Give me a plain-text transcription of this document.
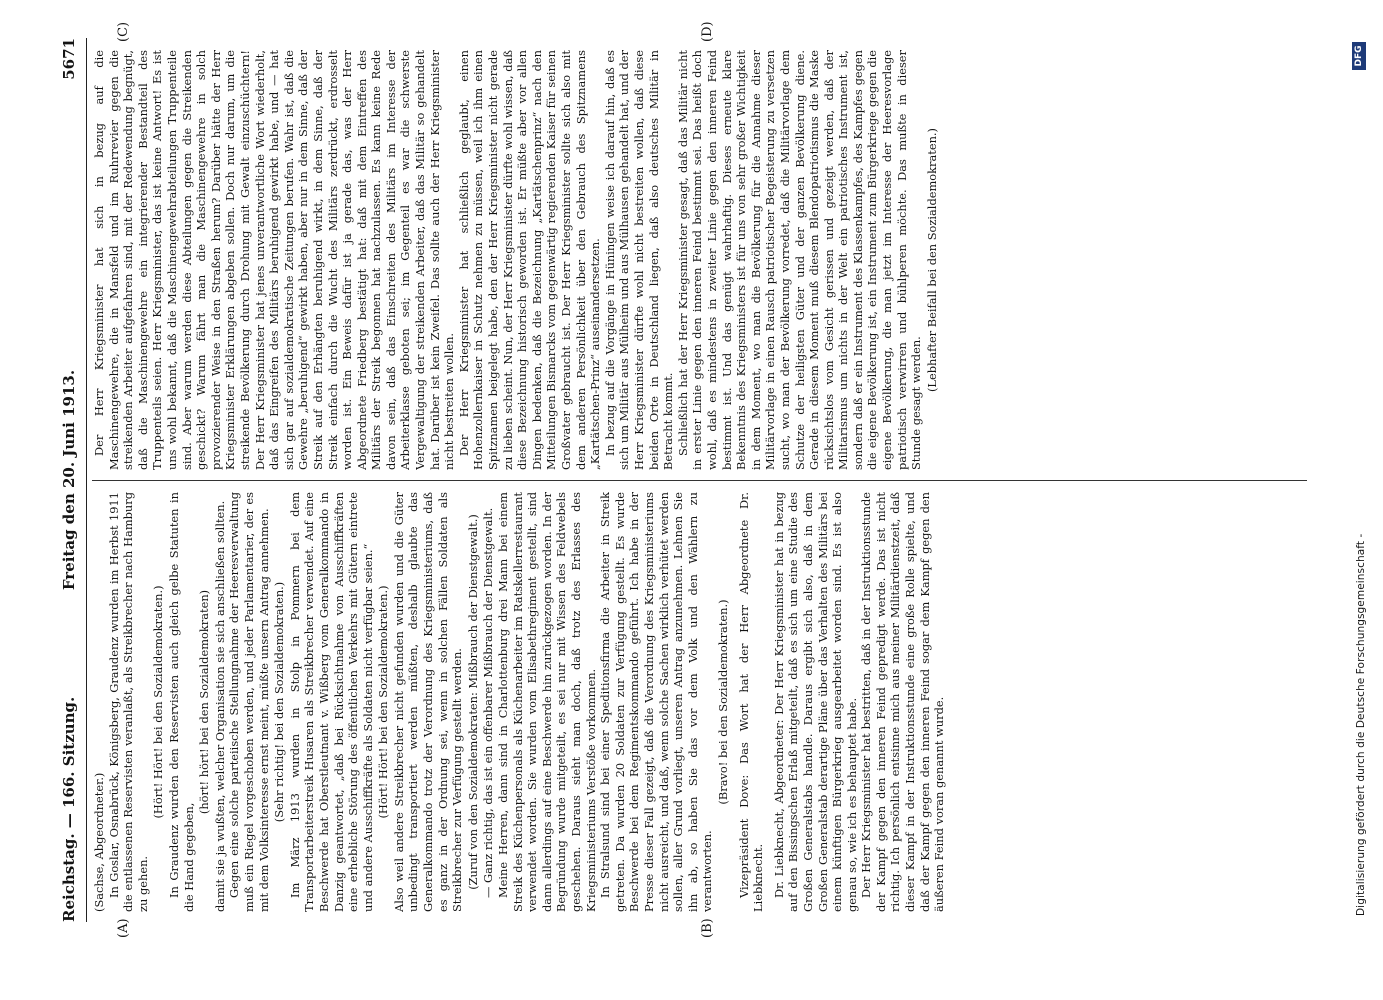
Reichstag. — 166. Sitzung.
Freitag den 20. Juni 1913.
5671
(A)	(B)
(C)	(D)

(Sachse, Abgeordneter.) In Goslar, Osnabrück, Königsberg, Graudenz wurden im Herbst 1911 die entlassenen Reservisten veranlaßt, als Streikbrecher nach Hamburg zu gehen.

(Hört! Hört! bei den Sozialdemokraten.) In Graudenz wurden den Reservisten auch gleich gelbe Statuten in die Hand gegeben,

(hört! hört! bei den Sozialdemokraten) damit sie ja wußten, welcher Organisation sie sich anschließen sollten. Gegen eine solche parteiische Stellungnahme der Heeresverwaltung muß ein Riegel vorgeschoben werden, und jeder Parlamentarier, der es mit dem Volksinteresse ernst meint, müßte unsern Antrag annehmen. (Sehr richtig! bei den Sozialdemokraten.) Im März 1913 wurden in Stolp in Pommern bei dem Transportarbeiterstreik Husaren als Streikbrecher verwendet. Auf eine Beschwerde hat Oberstleutnant v. Wißberg vom Generalkommando in Danzig geantwortet, „daß bei Rücksichtnahme von Ausschiffkräften eine erhebliche Störung des öffentlichen Verkehrs mit Gütern eintrete und andere Ausschiffkräfte als Soldaten nicht verfügbar seien.“ (Hört! Hört! bei den Sozialdemokraten.) Also weil andere Streikbrecher nicht gefunden wurden und die Güter unbedingt transportiert werden müßten, deshalb glaubte das Generalkommando trotz der Verordnung des Kriegsministeriums, daß es ganz in der Ordnung sei, wenn in solchen Fällen Soldaten als Streikbrecher zur Verfügung gestellt werden. (Zuruf von den Sozialdemokraten: Mißbrauch der Dienstgewalt.) — Ganz richtig, das ist ein offenbarer Mißbrauch der Dienstgewalt. Meine Herren, dann sind in Charlottenburg drei Mann bei einem Streik des Küchenpersonals als Küchenarbeiter im Ratskellerrestaurant verwendet worden. Sie wurden vom Elisabethregiment gestellt, sind dann allerdings auf eine Beschwerde hin zurückgezogen worden. In der Begründung wurde mitgeteilt, es sei nur mit Wissen des Feldwebels geschehen. Daraus sieht man doch, daß trotz des Erlasses des Kriegsministeriums Verstöße vorkommen. In Stralsund sind bei einer Speditionsfirma die Arbeiter in Streik getreten. Da wurden 20 Soldaten zur Verfügung gestellt. Es wurde Beschwerde bei dem Regimentskommando geführt. Ich habe in der Presse dieser Fall gezeigt, daß die Verordnung des Kriegsministeriums nicht ausreicht, und daß, wenn solche Sachen wirklich verhütet werden sollen, aller Grund vorliegt, unseren Antrag anzunehmen. Lehnen Sie ihn ab, so haben Sie das vor dem Volk und den Wählern zu verantworten.

(Bravo! bei den Sozialdemokraten.) Vizepräsident Dove: Das Wort hat der Herr Abgeordnete Dr. Liebknecht. Dr. Liebknecht, Abgeordneter: Der Herr Kriegsminister hat in bezug auf den Bissingschen Erlaß mitgeteilt, daß es sich um eine Studie des Großen Generalstabs handle. Daraus ergibt sich also, daß in dem Großen Generalstab derartige Pläne über das Verhalten des Militärs bei einem künftigen Bürgerkrieg ausgearbeitet worden sind. Es ist also genau so, wie ich es behauptet habe. Der Herr Kriegsminister hat bestritten, daß in der Instruktionsstunde der Kampf gegen den inneren Feind gepredigt werde. Das ist nicht richtig. Ich persönlich entsinne mich aus meiner Militärdienstzeit, daß dieser Kampf in der Instruktionsstunde eine große Rolle spielte, und daß der Kampf gegen den inneren Feind sogar dem Kampf gegen den äußeren Feind voran genannt wurde.

Der Herr Kriegsminister hat sich in bezug auf die Maschinengewehre, die in Mansfeld und im Ruhrrevier gegen die streikenden Arbeiter aufgefahren sind, mit der Redewendung begnügt, daß die Maschinengewehre ein integrierender Bestandteil des Truppenteils seien. Herr Kriegsminister, das ist keine Antwort! Es ist uns wohl bekannt, daß die Maschinengewehrabteilungen Truppenteile sind. Aber warum werden diese Abteilungen gegen die Streikenden geschickt? Warum fährt man die Maschinengewehre in solch provozierender Weise in den Straßen herum? Darüber hätte der Herr Kriegsminister Erklärungen abgeben sollen. Doch nur darum, um die streikende Bevölkerung durch Drohung mit Gewalt einzuschüchtern! Der Herr Kriegsminister hat jenes unverantwortliche Wort wiederholt, daß das Eingreifen des Militärs beruhigend gewirkt habe, und — hat sich gar auf sozialdemokratische Zeitungen berufen. Wahr ist, daß die Gewehre „beruhigend“ gewirkt haben, aber nur in dem Sinne, daß der Streik auf den Erhängten beruhigend wirkt, in dem Sinne, daß der Streik einfach durch die Wucht des Militärs zerdrückt, erdrosselt worden ist. Ein Beweis dafür ist ja gerade das, was der Herr Abgeordnete Friedberg bestätigt hat: daß mit dem Eintreffen des Militärs der Streik begonnen hat nachzulassen. Es kann keine Rede davon sein, daß das Einschreiten des Militärs im Interesse der Arbeiterklasse geboten sei; im Gegenteil es war die schwerste Vergewaltigung der streikenden Arbeiter, daß das Militär so gehandelt hat. Darüber ist kein Zweifel. Das sollte auch der Herr Kriegsminister nicht bestreiten wollen. Der Herr Kriegsminister hat schließlich geglaubt, einen Hohenzollernkaiser in Schutz nehmen zu müssen, weil ich ihm einen Spitznamen beigelegt habe, den der Herr Kriegsminister nicht gerade zu lieben scheint. Nun, der Herr Kriegsminister dürfte wohl wissen, daß diese Bezeichnung historisch geworden ist. Er müßte aber vor allen Dingen bedenken, daß die Bezeichnung „Kartätschenprinz“ nach den Mitteilungen Bismarcks vom gegenwärtig regierenden Kaiser für seinen Großvater gebraucht ist. Der Herr Kriegsminister sollte sich also mit dem anderen Persönlichkeit über den Gebrauch des Spitznamens „Kartätschen-Prinz“ auseinandersetzen. In bezug auf die Vorgänge in Hüningen weise ich darauf hin, daß es sich um Militär aus Mülheim und aus Mülhausen gehandelt hat, und der Herr Kriegsminister dürfte wohl nicht bestreiten wollen, daß diese beiden Orte in Deutschland liegen, daß also deutsches Militär in Betracht kommt. Schließlich hat der Herr Kriegsminister gesagt, daß das Militär nicht in erster Linie gegen den inneren Feind bestimmt sei. Das heißt doch wohl, daß es mindestens in zweiter Linie gegen den inneren Feind bestimmt ist. Und das genügt wahrhaftig. Dieses erneute klare Bekenntnis des Kriegsministers ist für uns von sehr großer Wichtigkeit in dem Moment, wo man die Bevölkerung für die Annahme dieser Militärvorlage in einen Rausch patriotischer Begeisterung zu versetzen sucht, wo man der Bevölkerung vorredet, daß die Militärvorlage dem Schutze der heiligsten Güter und der ganzen Bevölkerung diene. Gerade in diesem Moment muß diesem Blendopatriotismus die Maske rücksichtslos vom Gesicht gerissen und gezeigt werden, daß der Militarismus um nichts in der Welt ein patriotisches Instrument ist, sondern daß er ein Instrument des Klassenkampfes, des Kampfes gegen die eigene Bevölkerung ist, ein Instrument zum Bürgerkriege gegen die eigene Bevölkerung, die man jetzt im Interesse der Heeresvorlage patriotisch verwirren und bühlperen möchte. Das mußte in dieser Stunde gesagt werden.

(Lebhafter Beifall bei den Sozialdemokraten.)

Digitalisierung gefördert durch die Deutsche Forschungsgemeinschaft -
DFG
